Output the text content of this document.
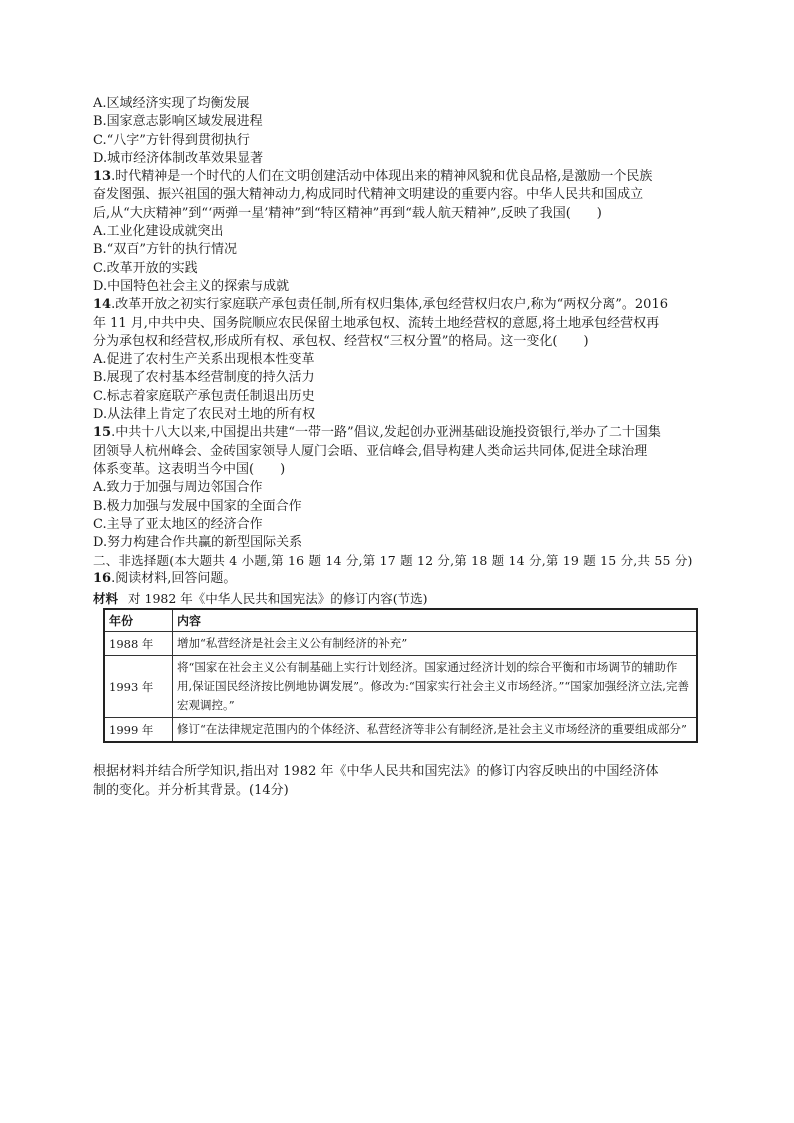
A.区域经济实现了均衡发展
B.国家意志影响区域发展进程
C.“八字”方针得到贯彻执行
D.城市经济体制改革效果显著
13.时代精神是一个时代的人们在文明创建活动中体现出来的精神风貌和优良品格,是激励一个民族
奋发图强、振兴祖国的强大精神动力,构成同时代精神文明建设的重要内容。中华人民共和国成立
后,从“大庆精神”到“‘两弹一星’精神”到“特区精神”再到“载人航天精神”,反映了我国(　　)
A.工业化建设成就突出
B.“双百”方针的执行情况
C.改革开放的实践
D.中国特色社会主义的探索与成就
14.改革开放之初实行家庭联产承包责任制,所有权归集体,承包经营权归农户,称为“两权分离”。2016
年 11 月,中共中央、国务院顺应农民保留土地承包权、流转土地经营权的意愿,将土地承包经营权再
分为承包权和经营权,形成所有权、承包权、经营权“三权分置”的格局。这一变化(　　)
A.促进了农村生产关系出现根本性变革
B.展现了农村基本经营制度的持久活力
C.标志着家庭联产承包责任制退出历史
D.从法律上肯定了农民对土地的所有权
15.中共十八大以来,中国提出共建“一带一路”倡议,发起创办亚洲基础设施投资银行,举办了二十国集
团领导人杭州峰会、金砖国家领导人厦门会晤、亚信峰会,倡导构建人类命运共同体,促进全球治理
体系变革。这表明当今中国(　　)
A.致力于加强与周边邻国合作
B.极力加强与发展中国家的全面合作
C.主导了亚太地区的经济合作
D.努力构建合作共赢的新型国际关系
二、非选择题(本大题共 4 小题,第 16 题 14 分,第 17 题 12 分,第 18 题 14 分,第 19 题 15 分,共 55 分)
16.阅读材料,回答问题。
材料 对 1982 年《中华人民共和国宪法》的修订内容(节选)
年份	内容
1988 年	增加“私营经济是社会主义公有制经济的补充”
1993 年	将“国家在社会主义公有制基础上实行计划经济。国家通过经济计划的综合平衡和市场调节的辅助作用,保证国民经济按比例地协调发展”。修改为:“国家实行社会主义市场经济。”“国家加强经济立法,完善宏观调控。”
1999 年	修订“在法律规定范围内的个体经济、私营经济等非公有制经济,是社会主义市场经济的重要组成部分”
根据材料并结合所学知识,指出对 1982 年《中华人民共和国宪法》的修订内容反映出的中国经济体
制的变化。并分析其背景。(14分)
